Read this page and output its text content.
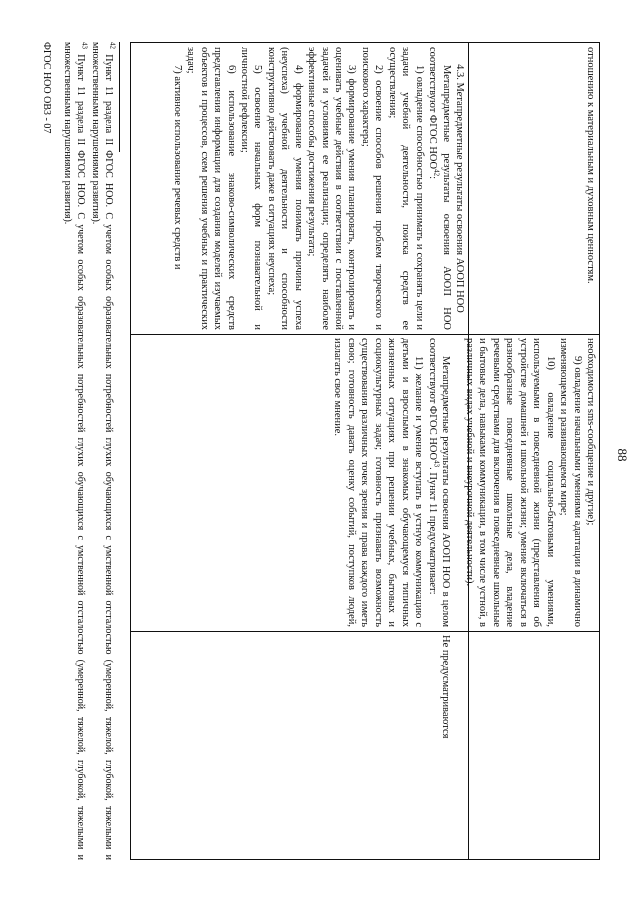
88

отношению к материальным и духовным ценностям.

необходимости sms-сообщение и другие);

9) овладение начальными умениями адаптации в динамично изменяющемся и развивающемся мире;

10) овладение социально-бытовыми умениями, используемыми в повседневной жизни (представления об устройстве домашней и школьной жизни; умение включаться в разнообразные повседневные школьные дела, владение речевыми средствами для включения в повседневные школьные и бытовые дела, навыками коммуникации, в том числе устной, в различных видах учебной и внеурочной деятельности).

4.3. Метапредметные результаты освоения АООП НОО

Метапредметные результаты освоения АООП НОО соответствуют ФГОС НОО$^{42}$:

1) овладение способностью принимать и сохранять цели и задачи учебной деятельности, поиска средств ее осуществления;

2) освоение способов решения проблем творческого и поискового характера;

3) формирование умения планировать, контролировать и оценивать учебные действия в соответствии с поставленной задачей и условиями ее реализации; определять наиболее эффективные способы достижения результата;

4) формирование умения понимать причины успеха (неуспеха) учебной деятельности и способности конструктивно действовать даже в ситуациях неуспеха;

5) освоение начальных форм познавательной и личностной рефлексии;

6) использование знаково-символических средств представления информации для создания моделей изучаемых объектов и процессов, схем решения учебных и практических задач;

7) активное использование речевых средств и

Метапредметные результаты освоения АООП НОО в целом соответствуют ФГОС НОО$^{43}$. Пункт 11 предусматривает:

11) желание и умение вступать в устную коммуникацию с детьми и взрослыми в знакомых обучающемуся типичных жизненных ситуациях при решении учебных, бытовых и социокультурных задач; готовность признавать возможность существования различных точек зрения и права каждого иметь свою; готовность давать оценку событий, поступков людей, излагать свое мнение.

Не предусматриваются

$^{42}$ Пункт 11 раздела II ФГОС НОО. С учетом особых образовательных потребностей глухих обучающихся с умственной отсталостью (умеренной, тяжелой, глубокой, тяжелыми и множественными нарушениями развития).
$^{43}$ Пункт 11 раздела II ФГОС НОО. С учетом особых образовательных потребностей глухих обучающихся с умственной отсталостью (умеренной, тяжелой, глубокой, тяжелыми и множественными нарушениями развития).
ФГОС НОО ОВЗ - 07
